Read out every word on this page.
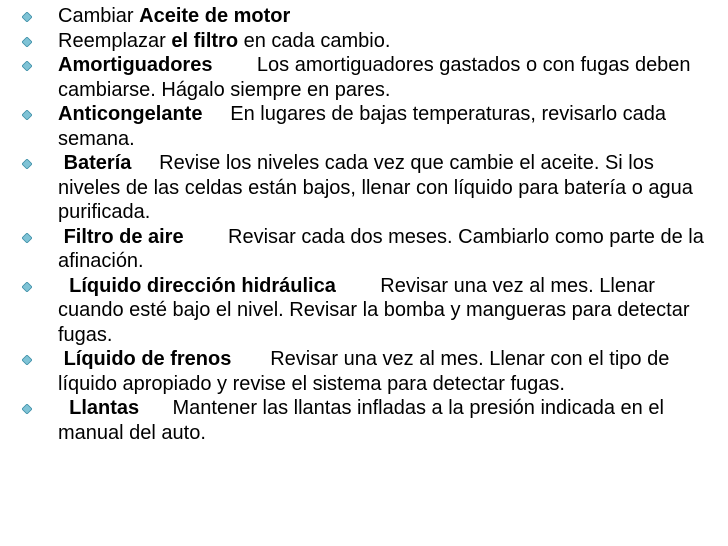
Cambiar Aceite de motor
Reemplazar el filtro en cada cambio.
Amortiguadores        Los amortiguadores gastados o con fugas deben cambiarse. Hágalo siempre en pares.
Anticongelante     En lugares de bajas temperaturas, revisarlo cada semana.
Batería     Revise los niveles cada vez que cambie el aceite. Si los niveles de las celdas están bajos, llenar con líquido para batería o agua purificada.
Filtro de aire        Revisar cada dos meses. Cambiarlo como parte de la afinación.
Líquido dirección hidráulica        Revisar una vez al mes. Llenar cuando esté bajo el nivel. Revisar la bomba y mangueras para detectar fugas.
Líquido de frenos       Revisar una vez al mes. Llenar con el tipo de líquido apropiado y revise el sistema para detectar fugas.
Llantas      Mantener las llantas infladas a la presión indicada en el manual del auto.
